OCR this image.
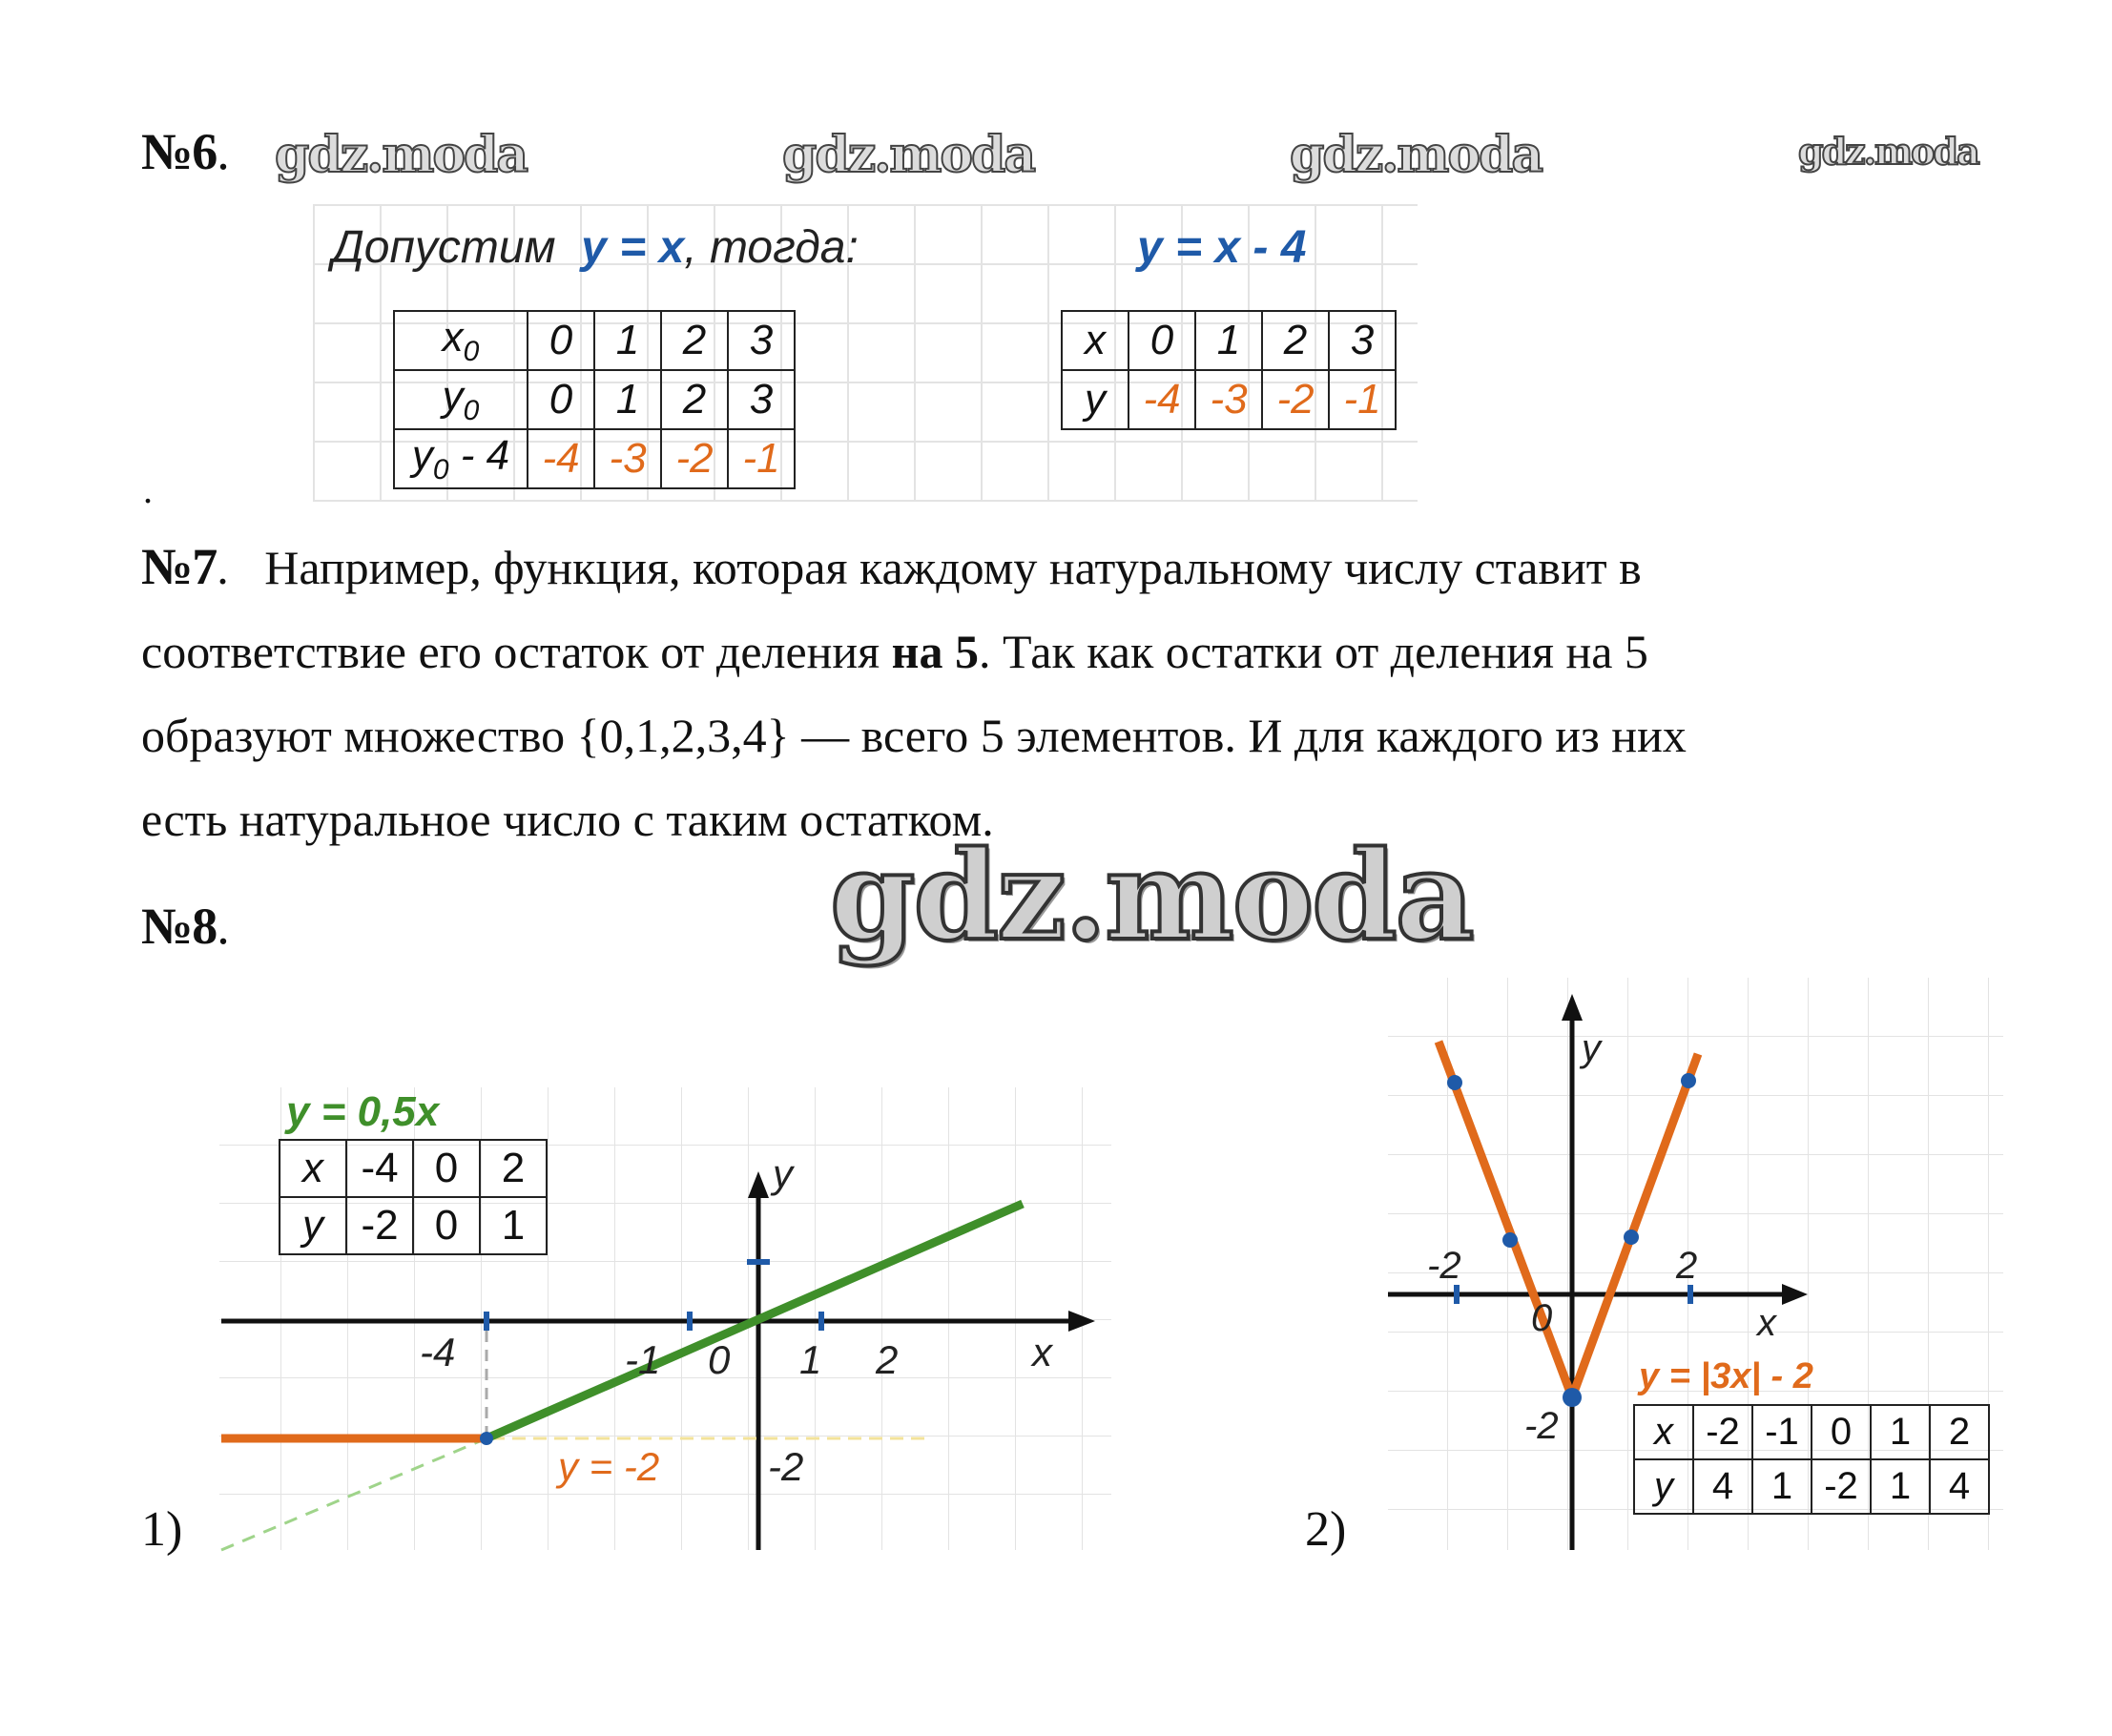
№6. gdz.moda	gdz.moda	gdz.moda	gdz.moda
Допустим y = x, тогда:	y = x - 4
$x_0$	0	1	2	3
$y_0$	0	1	2	3
$y_0 - 4$	-4	-3	-2	-1
x	0	1	2	3
y	-4	-3	-2	-1
.
№7. Например, функция, которая каждому натуральному числу ставит в
соответствие его остаток от деления на 5. Так как остатки от деления на 5
образуют множество {0,1,2,3,4} — всего 5 элементов. И для каждого из них
есть натуральное число с таким остатком.
№8.	gdz.moda
1)	2)
-4	-1 0 1 2
-2
x
y
y = -2
y = 0,5x
-2	2
0
-2
x
y
y = |3x| - 2
x	-4	0	2
y	-2	0	1
x	-2	-1	0	1	2
y	4	1	-2	1	4
